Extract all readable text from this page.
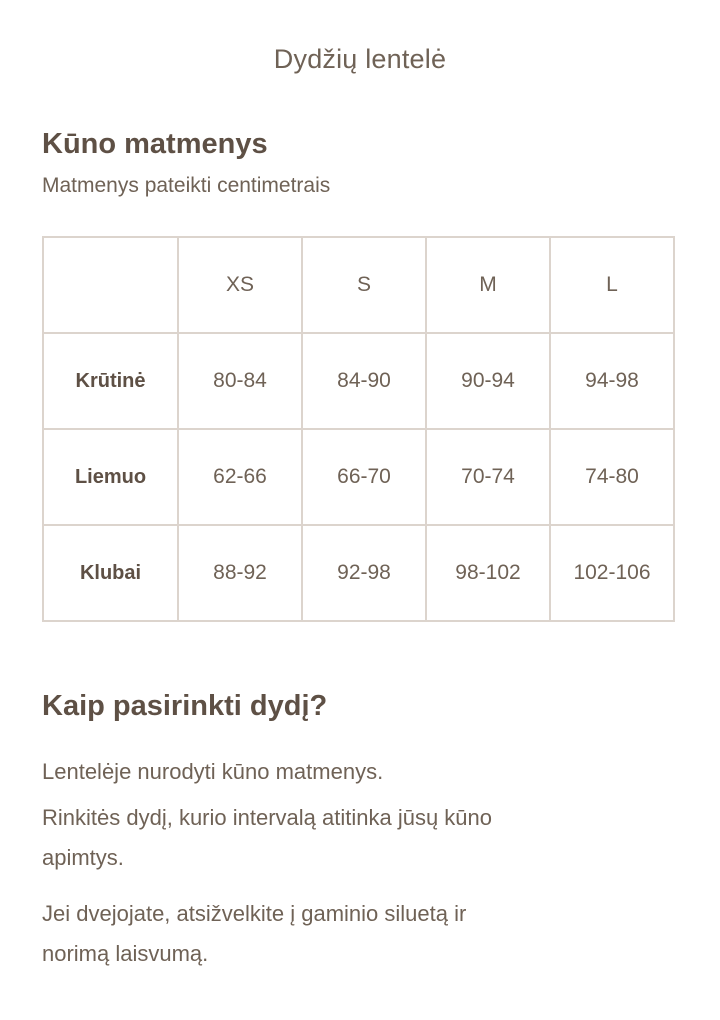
Dydžių lentelė
Kūno matmenys
Matmenys pateikti centimetrais
	XS	S	M	L
Krūtinė	80-84	84-90	90-94	94-98
Liemuo	62-66	66-70	70-74	74-80
Klubai	88-92	92-98	98-102	102-106
Kaip pasirinkti dydį?
Lentelėje nurodyti kūno matmenys.
Rinkitės dydį, kurio intervalą atitinka jūsų kūno apimtys.
Jei dvejojate, atsižvelkite į gaminio siluetą ir norimą laisvumą.
